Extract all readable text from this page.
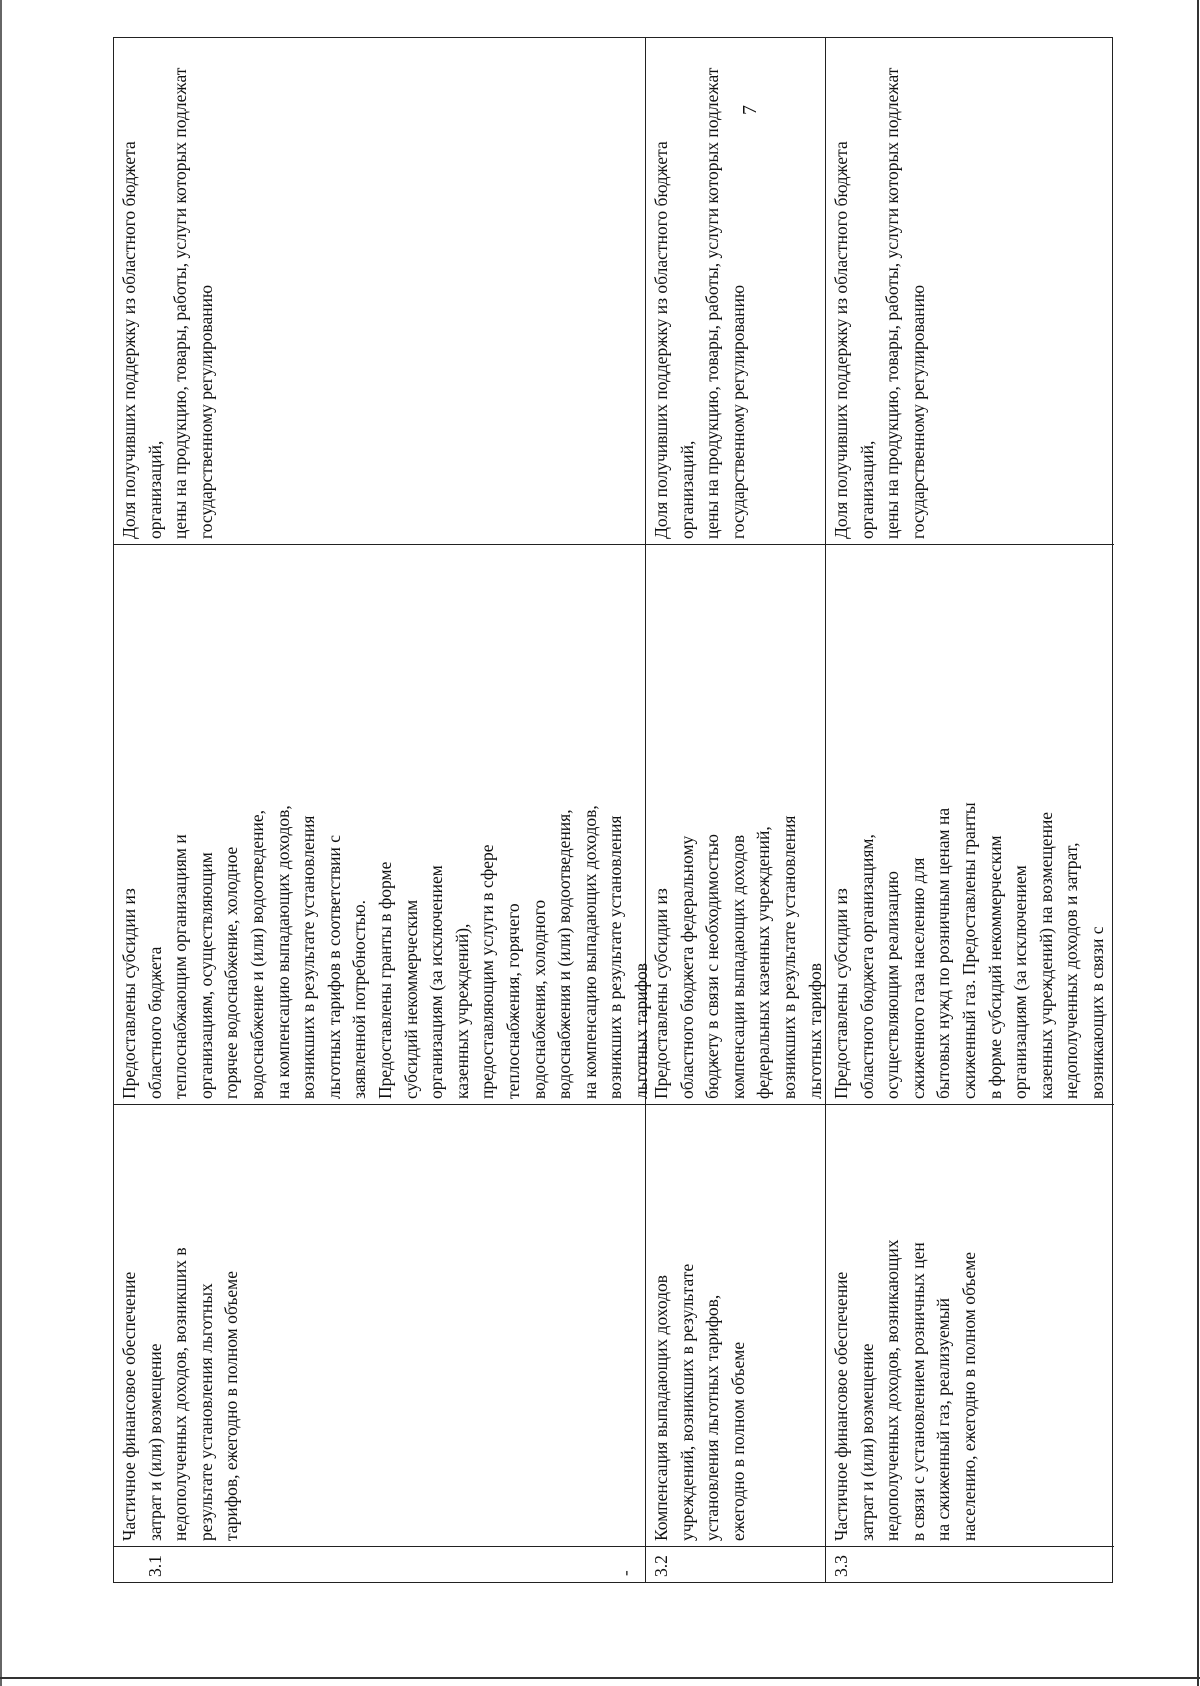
7

3.1	-

Частичное финансовое обеспечение
затрат и (или) возмещение
недополученных доходов, возникших в
результате установления льготных
тарифов, ежегодно в полном объеме
Предоставлены субсидии из
областного бюджета
теплоснабжающим организациям и
организациям, осуществляющим
горячее водоснабжение, холодное
водоснабжение и (или) водоотведение,
на компенсацию выпадающих доходов,
возникших в результате установления
льготных тарифов в соответствии с
заявленной потребностью.
Предоставлены гранты в форме
субсидий некоммерческим
организациям (за исключением
казенных учреждений),
предоставляющим услуги в сфере
теплоснабжения, горячего
водоснабжения, холодного
водоснабжения и (или) водоотведения,
на компенсацию выпадающих доходов,
возникших в результате установления
льготных тарифов
Доля получивших поддержку из областного бюджета организаций,
цены на продукцию, товары, работы, услуги которых подлежат
государственному регулированию
3.2
Компенсация выпадающих доходов
учреждений, возникших в результате
установления льготных тарифов,
ежегодно в полном объеме
Предоставлены субсидии из
областного бюджета федеральному
бюджету в связи с необходимостью
компенсации выпадающих доходов
федеральных казенных учреждений,
возникших в результате установления
льготных тарифов
Доля получивших поддержку из областного бюджета организаций,
цены на продукцию, товары, работы, услуги которых подлежат
государственному регулированию
3.3
Частичное финансовое обеспечение
затрат и (или) возмещение
недополученных доходов, возникающих
в связи с установлением розничных цен
на сжиженный газ, реализуемый
населению, ежегодно в полном объеме
Предоставлены субсидии из
областного бюджета организациям,
осуществляющим реализацию
сжиженного газа населению для
бытовых нужд по розничным ценам на
сжиженный газ. Предоставлены гранты
в форме субсидий некоммерческим
организациям (за исключением
казенных учреждений) на возмещение
недополученных доходов и затрат,
возникающих в связи с
Доля получивших поддержку из областного бюджета организаций,
цены на продукцию, товары, работы, услуги которых подлежат
государственному регулированию
